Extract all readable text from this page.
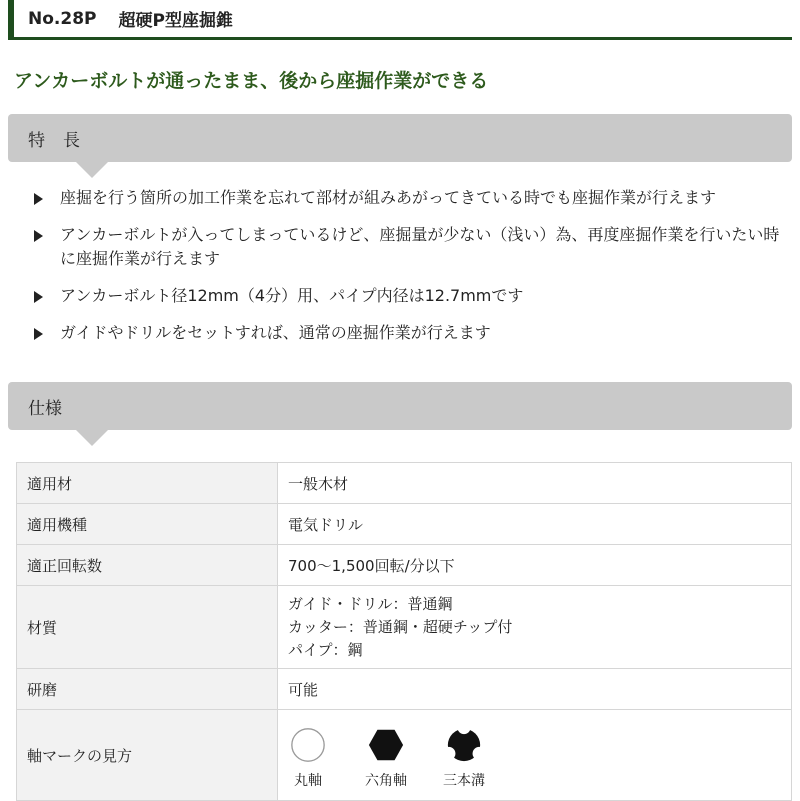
No.28P 超硬P型座掘錐
アンカーボルトが通ったまま、後から座掘作業ができる
特長
座掘を行う箇所の加工作業を忘れて部材が組みあがってきている時でも座掘作業が行えます
アンカーボルトが入ってしまっているけど、座掘量が少ない（浅い）為、再度座掘作業を行いたい時に座掘作業が行えます
アンカーボルト径12mm（4分）用、パイプ内径は12.7mmです
ガイドやドリルをセットすれば、通常の座掘作業が行えます
仕様
適用材	一般木材
適用機種	電気ドリル
適正回転数	700～1,500回転/分以下
材質	ガイド・ドリル：普通鋼
カッター：普通鋼・超硬チップ付
パイプ：鋼

研磨	可能
軸マークの見方	丸軸 六角軸 三本溝
